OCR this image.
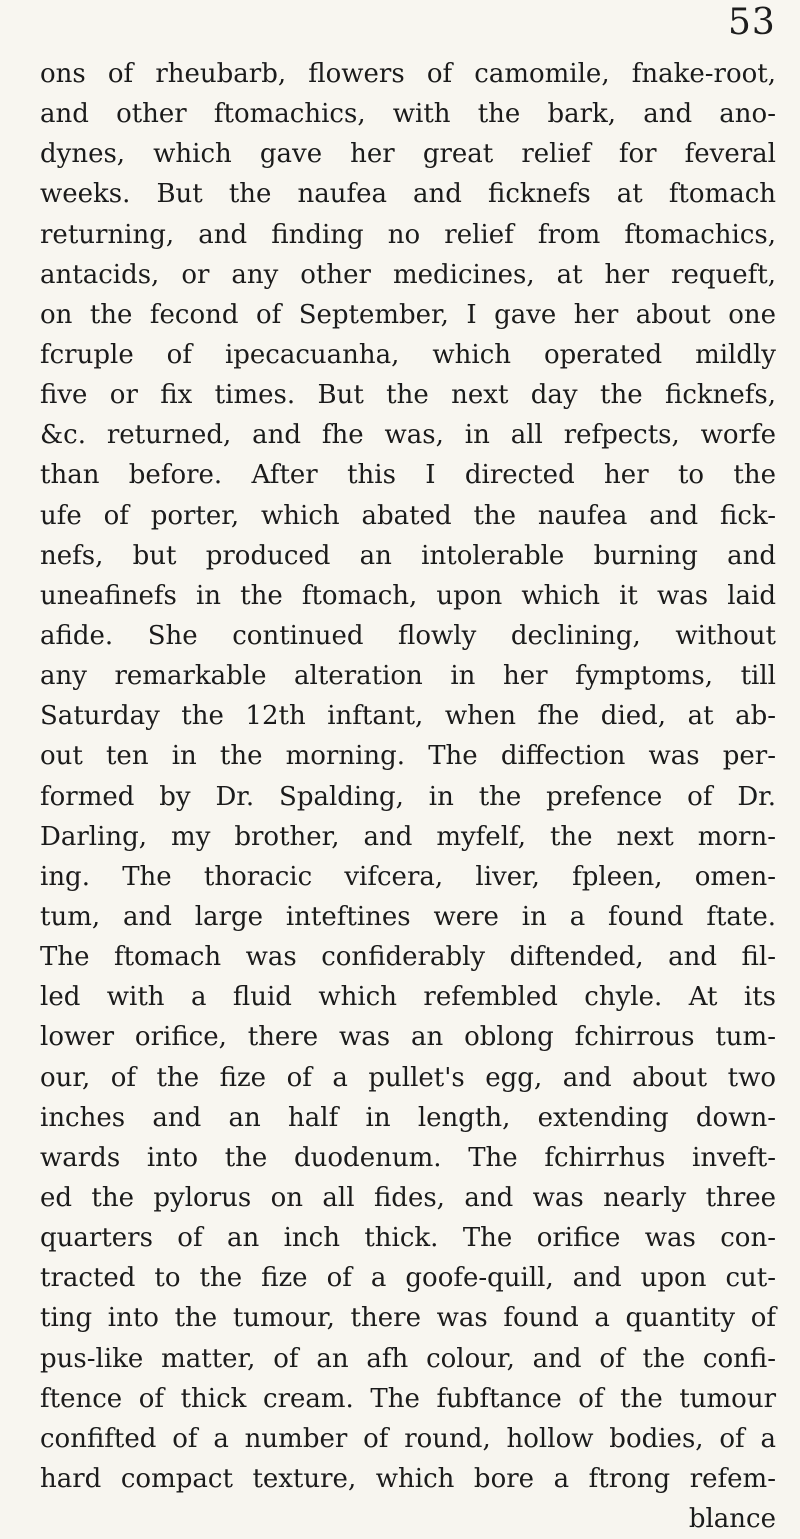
53
ons of rheubarb, flowers of camomile, fnake-root,
and other ftomachics, with the bark, and ano-
dynes, which gave her great relief for feveral
weeks. But the naufea and ficknefs at ftomach
returning, and finding no relief from ftomachics,
antacids, or any other medicines, at her requeft,
on the fecond of September, I gave her about one
fcruple of ipecacuanha, which operated mildly
five or fix times. But the next day the ficknefs,
&c. returned, and fhe was, in all refpects, worfe
than before. After this I directed her to the
ufe of porter, which abated the naufea and fick-
nefs, but produced an intolerable burning and
uneafinefs in the ftomach, upon which it was laid
afide. She continued flowly declining, without
any remarkable alteration in her fymptoms, till
Saturday the 12th inftant, when fhe died, at ab-
out ten in the morning. The diffection was per-
formed by Dr. Spalding, in the prefence of Dr.
Darling, my brother, and myfelf, the next morn-
ing. The thoracic vifcera, liver, fpleen, omen-
tum, and large inteftines were in a found ftate.
The ftomach was confiderably diftended, and fil-
led with a fluid which refembled chyle. At its
lower orifice, there was an oblong fchirrous tum-
our, of the fize of a pullet's egg, and about two
inches and an half in length, extending down-
wards into the duodenum. The fchirrhus inveft-
ed the pylorus on all fides, and was nearly three
quarters of an inch thick. The orifice was con-
tracted to the fize of a goofe-quill, and upon cut-
ting into the tumour, there was found a quantity of
pus-like matter, of an afh colour, and of the confi-
ftence of thick cream. The fubftance of the tumour
confifted of a number of round, hollow bodies, of a
hard compact texture, which bore a ftrong refem-
blance
